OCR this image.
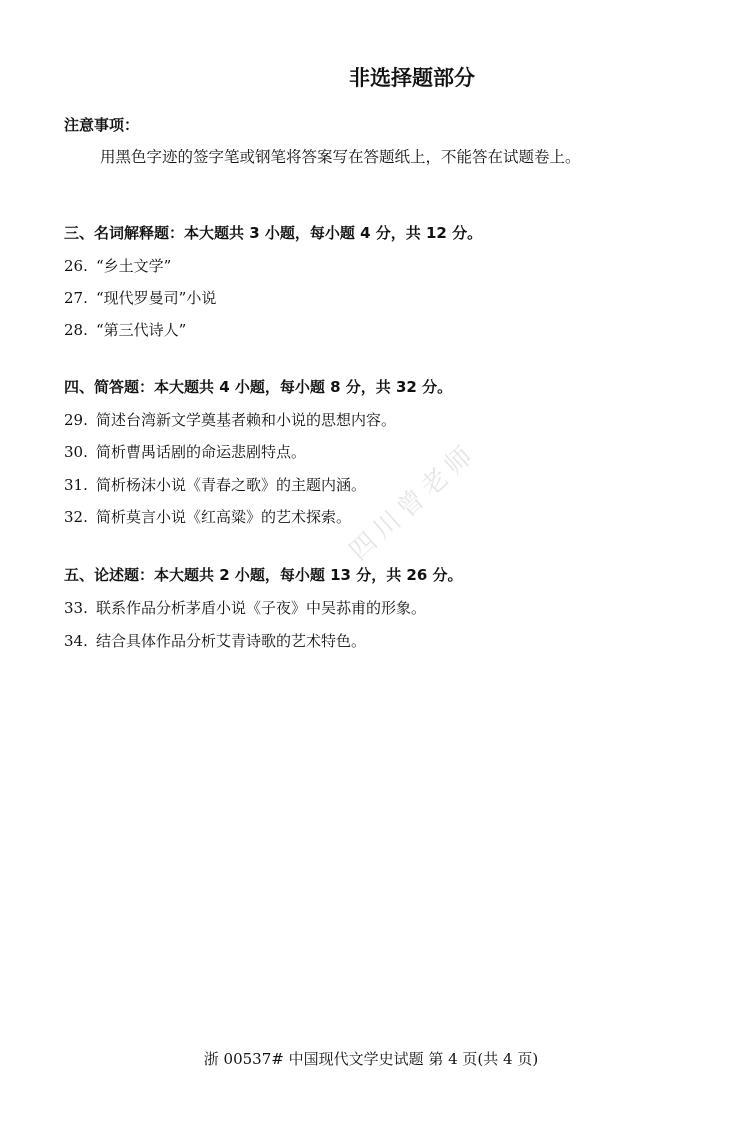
非选择题部分
注意事项：
用黑色字迹的签字笔或钢笔将答案写在答题纸上，不能答在试题卷上。
三、名词解释题：本大题共 3 小题，每小题 4 分，共 12 分。
26. “乡土文学”
27. “现代罗曼司”小说
28. “第三代诗人”
四、简答题：本大题共 4 小题，每小题 8 分，共 32 分。
29. 简述台湾新文学奠基者赖和小说的思想内容。
30. 简析曹禺话剧的命运悲剧特点。
31. 简析杨沫小说《青春之歌》的主题内涵。
32. 简析莫言小说《红高粱》的艺术探索。
五、论述题：本大题共 2 小题，每小题 13 分，共 26 分。
33. 联系作品分析茅盾小说《子夜》中吴荪甫的形象。
34. 结合具体作品分析艾青诗歌的艺术特色。
四川曾老师
浙 00537# 中国现代文学史试题 第 4 页(共 4 页)
